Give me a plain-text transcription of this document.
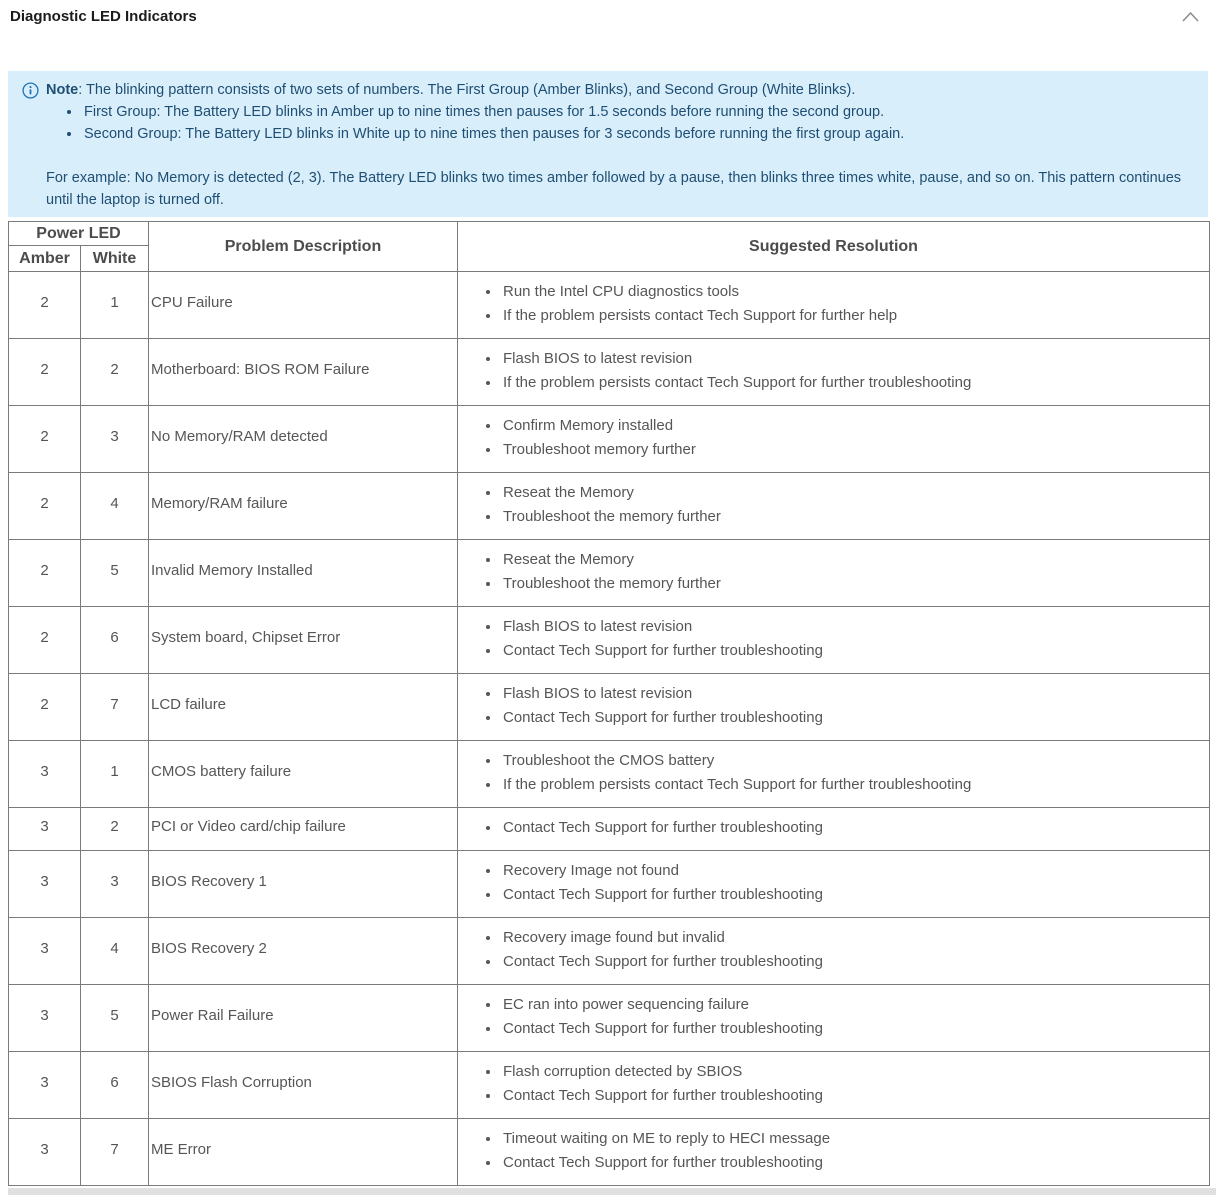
Diagnostic LED Indicators

Note: The blinking pattern consists of two sets of numbers. The First Group (Amber Blinks), and Second Group (White Blinks).

• First Group: The Battery LED blinks in Amber up to nine times then pauses for 1.5 seconds before running the second group.
• Second Group: The Battery LED blinks in White up to nine times then pauses for 3 seconds before running the first group again.

For example: No Memory is detected (2, 3). The Battery LED blinks two times amber followed by a pause, then blinks three times white, pause, and so on. This pattern continues until the laptop is turned off.

Power LED		Problem Description	Suggested Resolution
Amber	White		
2	1	CPU Failure	
• Run the Intel CPU diagnostics tools
• If the problem persists contact Tech Support for further help

2	2	Motherboard: BIOS ROM Failure	
• Flash BIOS to latest revision
• If the problem persists contact Tech Support for further troubleshooting

2	3	No Memory/RAM detected	
• Confirm Memory installed
• Troubleshoot memory further

2	4	Memory/RAM failure	
• Reseat the Memory
• Troubleshoot the memory further

2	5	Invalid Memory Installed	
• Reseat the Memory
• Troubleshoot the memory further

2	6	System board, Chipset Error	
• Flash BIOS to latest revision
• Contact Tech Support for further troubleshooting

2	7	LCD failure	
• Flash BIOS to latest revision
• Contact Tech Support for further troubleshooting

3	1	CMOS battery failure	
• Troubleshoot the CMOS battery
• If the problem persists contact Tech Support for further troubleshooting

3	2	PCI or Video card/chip failure	
•Contact Tech Support for further troubleshooting

3	3	BIOS Recovery 1	
• Recovery Image not found
• Contact Tech Support for further troubleshooting

3	4	BIOS Recovery 2	
• Recovery image found but invalid
• Contact Tech Support for further troubleshooting

3	5	Power Rail Failure	
• EC ran into power sequencing failure
• Contact Tech Support for further troubleshooting

3	6	SBIOS Flash Corruption	
• Flash corruption detected by SBIOS
• Contact Tech Support for further troubleshooting

3	7	ME Error	
• Timeout waiting on ME to reply to HECI message
• Contact Tech Support for further troubleshooting
